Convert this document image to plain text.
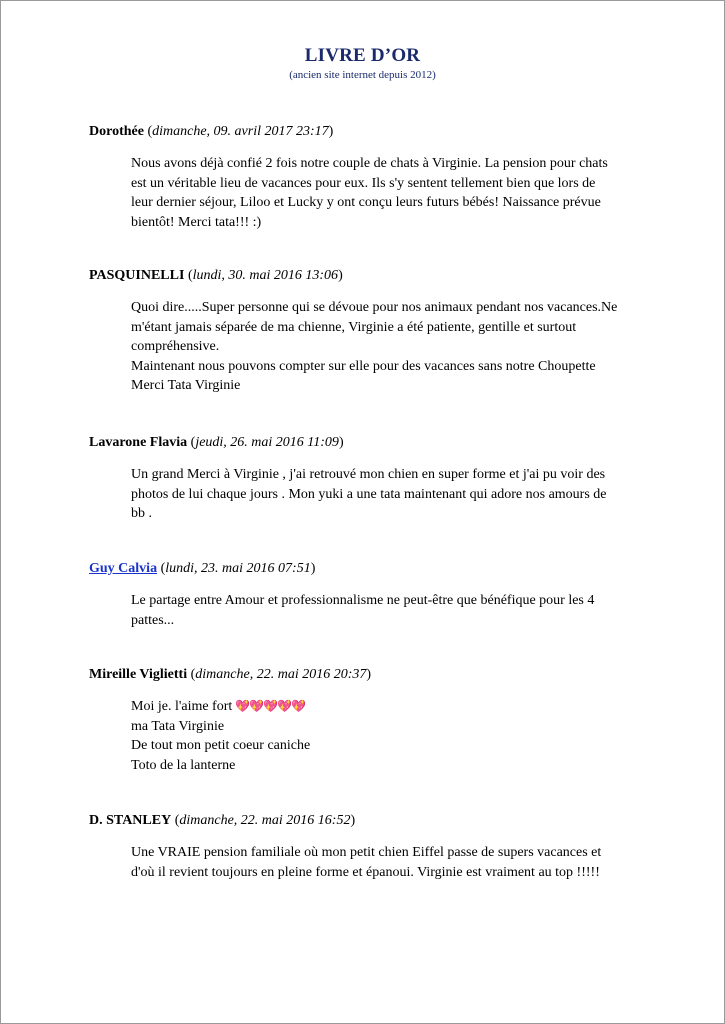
LIVRE D’OR
(ancien site internet depuis 2012)
Dorothée (dimanche, 09. avril 2017 23:17)
Nous avons déjà confié 2 fois notre couple de chats à Virginie. La pension pour chats
est un véritable lieu de vacances pour eux. Ils s'y sentent tellement bien que lors de
leur dernier séjour, Liloo et Lucky y ont conçu leurs futurs bébés! Naissance prévue
bientôt! Merci tata!!! :)
PASQUINELLI (lundi, 30. mai 2016 13:06)
Quoi dire.....Super personne qui se dévoue pour nos animaux pendant nos vacances.Ne
m'étant jamais séparée de ma chienne, Virginie a été patiente, gentille et surtout
compréhensive.
Maintenant nous pouvons compter sur elle pour des vacances sans notre Choupette
Merci Tata Virginie
Lavarone Flavia (jeudi, 26. mai 2016 11:09)
Un grand Merci à Virginie , j'ai retrouvé mon chien en super forme et j'ai pu voir des
photos de lui chaque jours . Mon yuki a une tata maintenant qui adore nos amours de
bb .
Guy Calvia (lundi, 23. mai 2016 07:51)
Le partage entre Amour et professionnalisme ne peut-être que bénéfique pour les 4
pattes...
Mireille Viglietti (dimanche, 22. mai 2016 20:37)
Moi je. l'aime fort 💖💖💖💖💖
ma Tata Virginie
De tout mon petit coeur caniche
Toto de la lanterne
D. STANLEY (dimanche, 22. mai 2016 16:52)
Une VRAIE pension familiale où mon petit chien Eiffel passe de supers vacances et
d'où il revient toujours en pleine forme et épanoui. Virginie est vraiment au top !!!!!
